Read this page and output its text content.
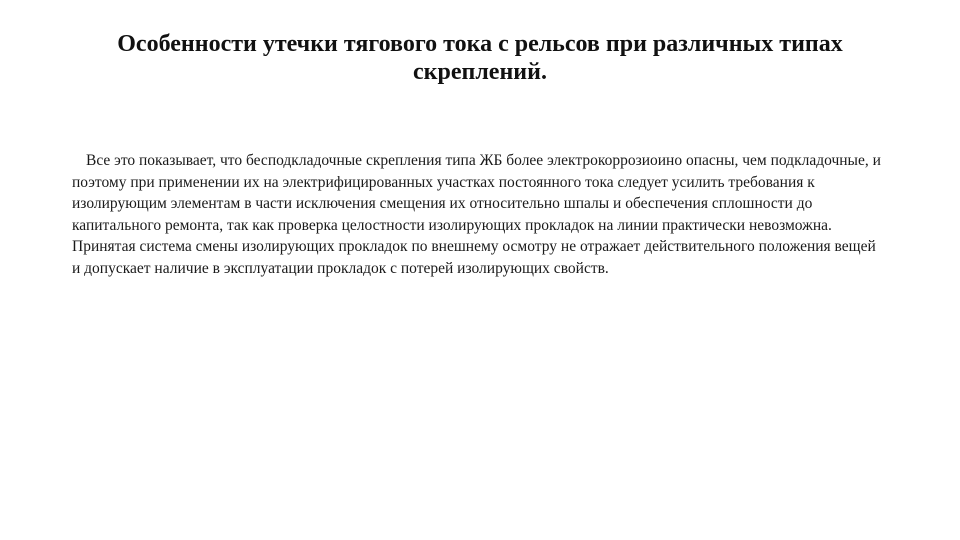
Особенности утечки тягового тока с рельсов при различных типах скреплений.

Все это показывает, что бесподкладочные скрепления типа ЖБ более электрокоррозиоино опасны, чем подкладочные, и поэтому при применении их на электрифицированных участках постоянного тока следует усилить требования к изолирующим элементам в части исключения смещения их относительно шпалы и обеспечения сплошности до капитального ремонта, так как проверка целостности изолирующих прокладок на линии практически невозможна. Принятая система смены изолирующих прокладок по внешнему осмотру не отражает действительного положения вещей и допускает наличие в эксплуатации прокладок с потерей изолирующих свойств.
